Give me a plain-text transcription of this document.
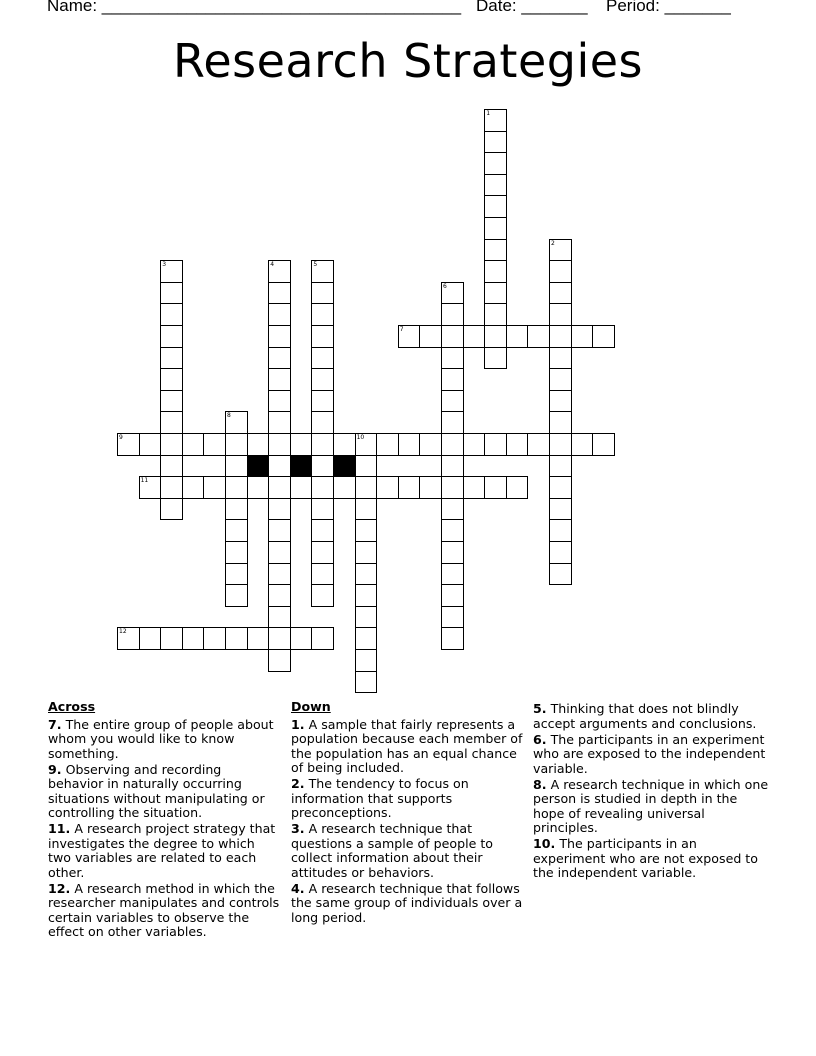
Name: ______________________________________ Date: _______ Period: _______
Research Strategies
1
2
3	4	5
6
7
8
9	10
11
12
Across
7. The entire group of people about whom you would like to know something.
9. Observing and recording behavior in naturally occurring situations without manipulating or controlling the situation.
11. A research project strategy that investigates the degree to which two variables are related to each other.
12. A research method in which the researcher manipulates and controls certain variables to observe the effect on other variables.
Down
1. A sample that fairly represents a population because each member of the population has an equal chance of being included.
2. The tendency to focus on information that supports preconceptions.
3. A research technique that questions a sample of people to collect information about their attitudes or behaviors.
4. A research technique that follows the same group of individuals over a long period.
5. Thinking that does not blindly accept arguments and conclusions.
6. The participants in an experiment who are exposed to the independent variable.
8. A research technique in which one person is studied in depth in the hope of revealing universal principles.
10. The participants in an experiment who are not exposed to the independent variable.
